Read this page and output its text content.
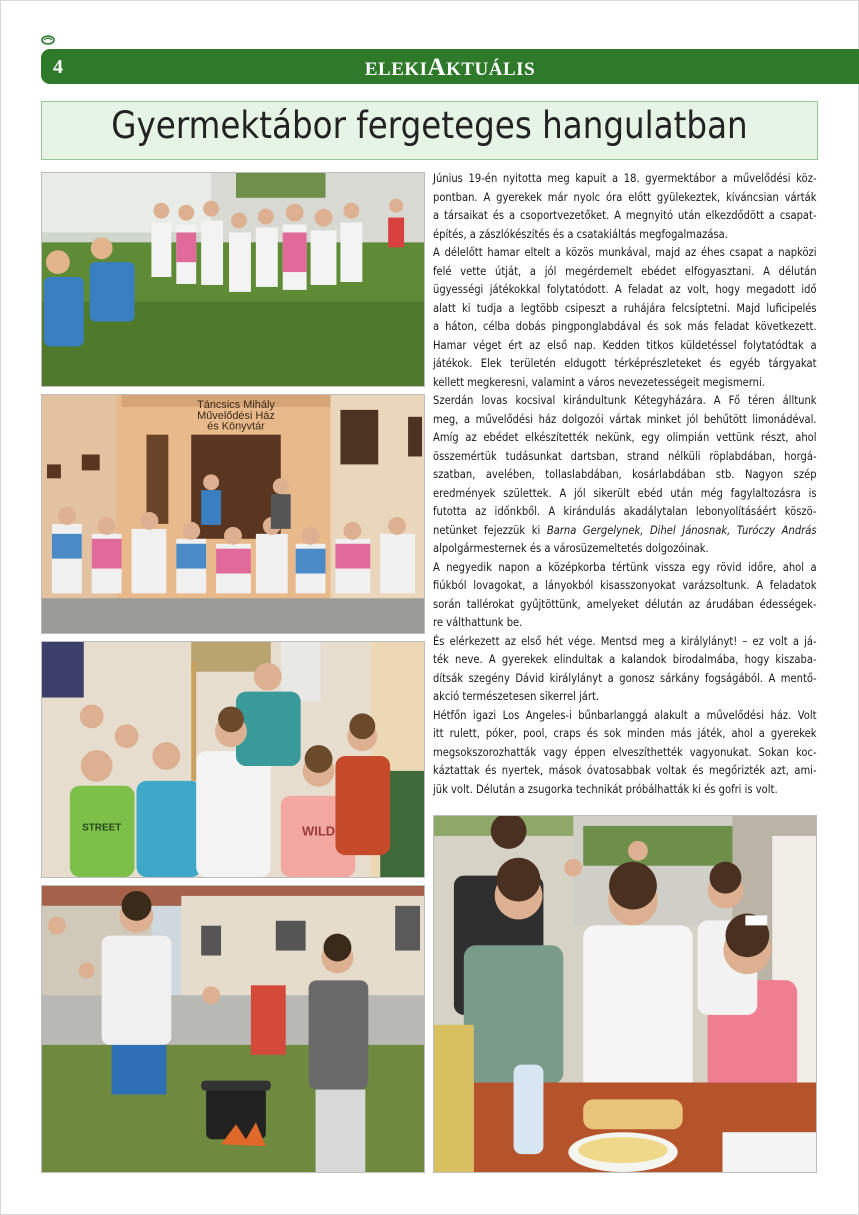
4	ELEKIAKTUÁLIS
Gyermektábor fergeteges hangulatban
Táncsics Mihály
Művelődési Ház
és Könyvtár
STREET	WILD
Június 19-én nyitotta meg kapuit a 18. gyermektábor a művelődési köz-
pontban. A gyerekek már nyolc óra előtt gyülekeztek, kíváncsian várták
a társaikat és a csoportvezetőket. A megnyitó után elkezdődött a csapat-
építés, a zászlókészítés és a csatakiáltás megfogalmazása.
A délelőtt hamar eltelt a közös munkával, majd az éhes csapat a napközi
felé vette útját, a jól megérdemelt ebédet elfogyasztani. A délután
ügyességi játékokkal folytatódott. A feladat az volt, hogy megadott idő
alatt ki tudja a legtöbb csipeszt a ruhájára felcsíptetni. Majd luficipelés
a háton, célba dobás pingponglabdával és sok más feladat következett.
Hamar véget ért az első nap. Kedden titkos küldetéssel folytatódtak a
játékok. Elek területén eldugott térképrészleteket és egyéb tárgyakat
kellett megkeresni, valamint a város nevezetességeit megismerni.
Szerdán lovas kocsival kirándultunk Kétegyházára. A Fő téren álltunk
meg, a művelődési ház dolgozói vártak minket jól behűtött limonádéval.
Amíg az ebédet elkészítették nekünk, egy olimpián vettünk részt, ahol
összemértük tudásunkat dartsban, strand nélküli röplabdában, horgá-
szatban, avelében, tollaslabdában, kosárlabdában stb. Nagyon szép
eredmények születtek. A jól sikerült ebéd után még fagylaltozásra is
futotta az időnkből. A kirándulás akadálytalan lebonyolításáért köszö-
netünket fejezzük ki Barna Gergelynek, Dihel Jánosnak, Turóczy András
alpolgármesternek és a városüzemeltetés dolgozóinak.
A negyedik napon a középkorba tértünk vissza egy rövid időre, ahol a
fiúkból lovagokat, a lányokból kisasszonyokat varázsoltunk. A feladatok
során tallérokat gyűjtöttünk, amelyeket délután az árudában édességek-
re válthattunk be.
És elérkezett az első hét vége. Mentsd meg a királylányt! – ez volt a já-
ték neve. A gyerekek elindultak a kalandok birodalmába, hogy kiszaba-
dítsák szegény Dávid királylányt a gonosz sárkány fogságából. A mentő-
akció természetesen sikerrel járt.
Hétfőn igazi Los Angeles-i bűnbarlanggá alakult a művelődési ház. Volt
itt rulett, póker, pool, craps és sok minden más játék, ahol a gyerekek
megsokszorozhatták vagy éppen elveszíthették vagyonukat. Sokan koc-
káztattak és nyertek, mások óvatosabbak voltak és megőrizték azt, ami-
jük volt. Délután a zsugorka technikát próbálhatták ki és gofri is volt.
